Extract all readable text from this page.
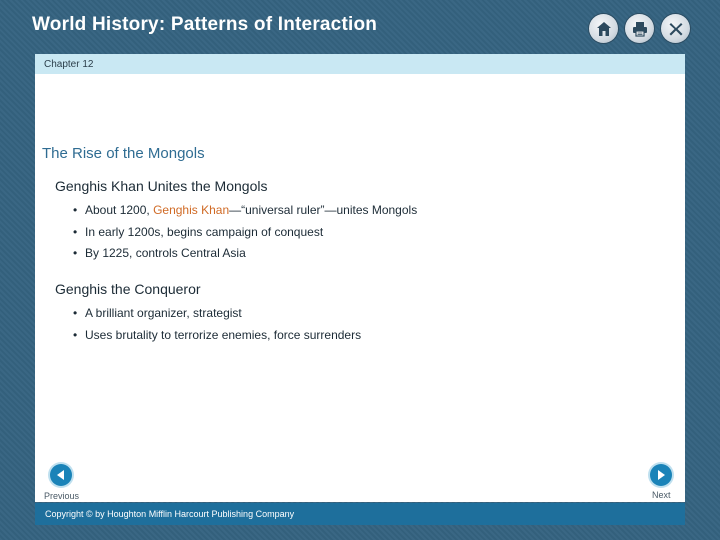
World History: Patterns of Interaction
Chapter 12
The Rise of the Mongols
Genghis Khan Unites the Mongols
• About 1200, Genghis Khan—“universal ruler”—unites Mongols
• In early 1200s, begins campaign of conquest
• By 1225, controls Central Asia
Genghis the Conqueror
• A brilliant organizer, strategist
• Uses brutality to terrorize enemies, force surrenders
Previous	Next
Copyright © by Houghton Mifflin Harcourt Publishing Company
